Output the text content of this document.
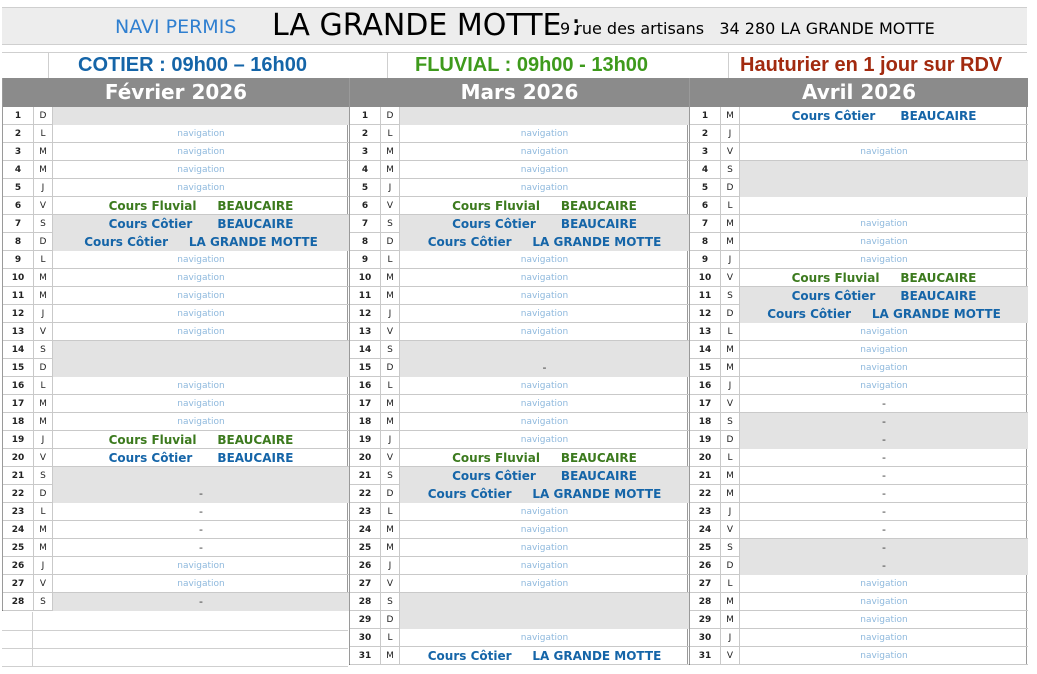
NAVI PERMIS LA GRANDE MOTTE :
9 rue des artisans   34 280 LA GRANDE MOTTE
COTIER : 09h00 – 16h00	FLUVIAL : 09h00 - 13h00	Hauturier en 1 jour sur RDV
Février 2026
1	D
2	L	navigation
3	M	navigation
4	M	navigation
5	J	navigation
6	V	Cours Fluvial     BEAUCAIRE
7	S	Cours Côtier      BEAUCAIRE
8	D	Cours Côtier     LA GRANDE MOTTE
9	L	navigation
10	M	navigation
11	M	navigation
12	J	navigation
13	V	navigation
14	S
15	D
16	L	navigation
17	M	navigation
18	M	navigation
19	J	Cours Fluvial     BEAUCAIRE
20	V	Cours Côtier      BEAUCAIRE
21	S
22	D	-
23	L	-
24	M	-
25	M	-
26	J	navigation
27	V	navigation
28	S	-
Mars 2026
1	D
2	L	navigation
3	M	navigation
4	M	navigation
5	J	navigation
6	V	Cours Fluvial     BEAUCAIRE
7	S	Cours Côtier      BEAUCAIRE
8	D	Cours Côtier     LA GRANDE MOTTE
9	L	navigation
10	M	navigation
11	M	navigation
12	J	navigation
13	V	navigation
14	S
15	D	-
16	L	navigation
17	M	navigation
18	M	navigation
19	J	navigation
20	V	Cours Fluvial     BEAUCAIRE
21	S	Cours Côtier      BEAUCAIRE
22	D	Cours Côtier     LA GRANDE MOTTE
23	L	navigation
24	M	navigation
25	M	navigation
26	J	navigation
27	V	navigation
28	S
29	D
30	L	navigation
31	M	Cours Côtier     LA GRANDE MOTTE
Avril 2026
1	M	Cours Côtier      BEAUCAIRE
2	J
3	V	navigation
4	S
5	D
6	L
7	M	navigation
8	M	navigation
9	J	navigation
10	V	Cours Fluvial     BEAUCAIRE
11	S	Cours Côtier      BEAUCAIRE
12	D	Cours Côtier     LA GRANDE MOTTE
13	L	navigation
14	M	navigation
15	M	navigation
16	J	navigation
17	V	-
18	S	-
19	D	-
20	L	-
21	M	-
22	M	-
23	J	-
24	V	-
25	S	-
26	D	-
27	L	navigation
28	M	navigation
29	M	navigation
30	J	navigation
31	V	navigation
